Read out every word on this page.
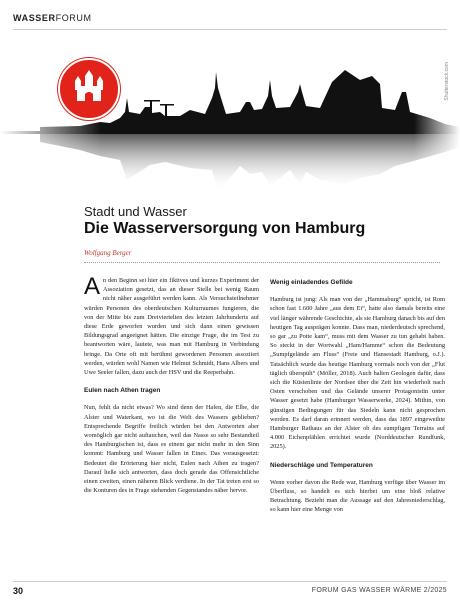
WASSERFORUM
Shutterstock.com
Stadt und Wasser
Die Wasserversorgung von Hamburg
Wolfgang Berger

An den Beginn sei hier ein fiktives und kurzes Experiment der Assoziation gesetzt, das an dieser Stelle bei wenig Raum nicht näher ausgeführt werden kann. Als Versuchsteilnehmer würden Personen des oberdeutschen Kulturraumes fungieren, die von der Mitte bis zum Dreiviertelten des letzten Jahrhunderts auf diese Erde geworfen wurden und sich dann einen gewissen Bildungsgrad angeeignet hätten. Die einzige Frage, die im Test zu beantworten wäre, lautete, was man mit Hamburg in Verbindung bringe. Da Orte oft mit berühmt gewordenen Personen assoziiert werden, würden wohl Namen wie Helmut Schmidt, Hans Albers und Uwe Seeler fallen, dazu auch der HSV und die Reeperbahn.

Eulen nach Athen tragen

Nun, fehlt da nicht etwas? Wo sind denn der Hafen, die Elbe, die Alster und Waterkant, wo ist die Welt des Wassers geblieben? Entsprechende Begriffe freilich würden bei den Antworten aber womöglich gar nicht auftauchen, weil das Nasse so sehr Bestandteil des Hamburgischen ist, dass es einem gar nicht mehr in den Sinn kommt: Hamburg und Wasser fallen in Eines. Das vorausgesetzt: Bedeutet die Erörterung hier nicht, Eulen nach Athen zu tragen? Darauf ließe sich antworten, dass doch gerade das Offensichtliche einen zweiten, einen näheren Blick verdiene. In der Tat treten erst so die Konturen des in Frage stehenden Gegenstandes näher hervor.

Wenig einladendes Gefilde

Hamburg ist jung: Als man von der „Hammaburg“ spricht, ist Rom schon fast 1.600 Jahre „aus dem Ei“, hatte also damals bereits eine viel länger währende Geschichte, als sie Hamburg danach bis auf den heutigen Tag ausprägen konnte. Dass man, niederdeutsch sprechend, so gar „zu Potte kam“, muss mit dem Wasser zu tun gehabt haben. So steckt in der Wortwahl „Ham/Hamme“ schon die Bedeutung „Sumpfgelände am Fluss“ (Freie und Hansestadt Hamburg, o.J.). Tatsächlich wurde das heutige Hamburg vormals noch von der „Flut täglich überspült“ (Möller, 2018). Auch halten Geologen dafür, dass sich die Küstenlinie der Nordsee über die Zeit hin wiederholt nach Osten verschoben und das Gelände unserer Protagonistin unter Wasser gesetzt habe (Hamburger Wasserwerke, 2024). Mithin, von günstigen Bedingungen für das Siedeln kann nicht gesprochen werden. Es darf daran erinnert werden, dass das 1897 eingeweihte Hamburger Rathaus an der Alster ob des sumpfigen Terrains auf 4.000 Eichenpfählen errichtet wurde (Norddeutscher Rundfunk, 2025).

Niederschläge und Temperaturen

Wenn vorher davon die Rede war, Hamburg verfüge über Wasser im Überfluss, so handelt es sich hierbei um eine bloß relative Betrachtung. Bezieht man die Aussage auf den Jahresniederschlag, so kann hier eine Menge von

30	FORUM GAS WASSER WÄRME 2/2025
